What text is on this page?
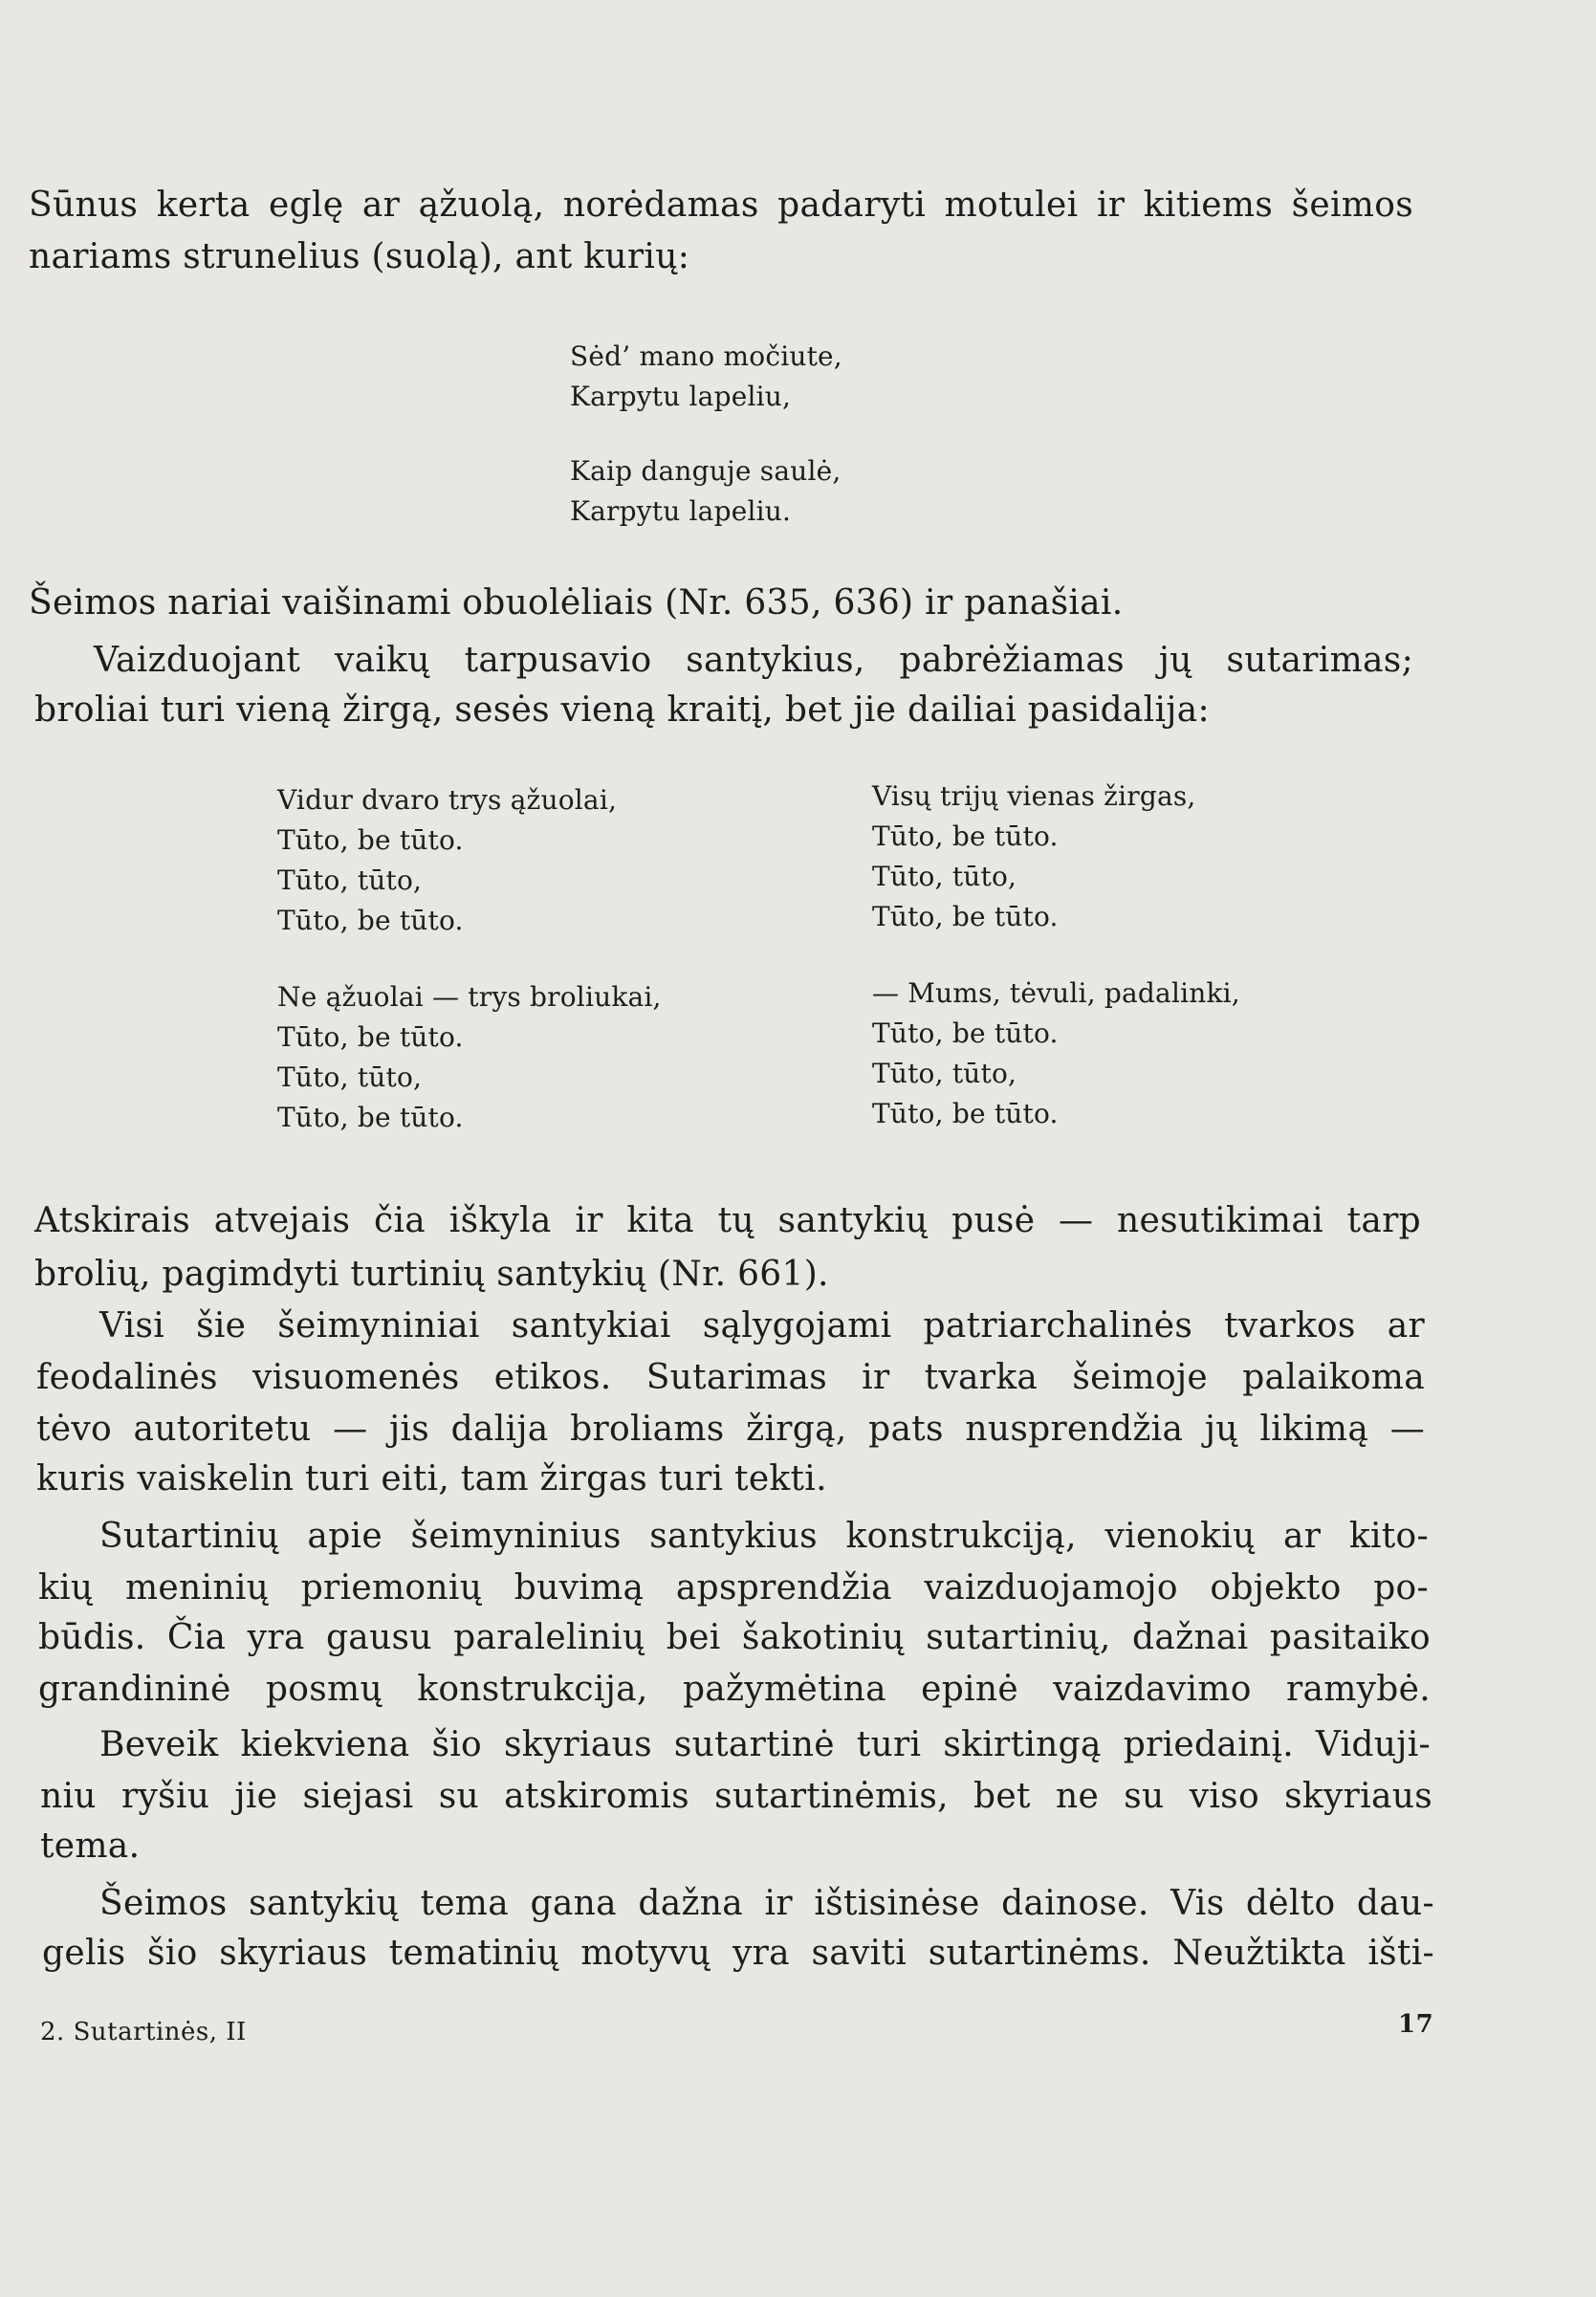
Sūnus kerta eglę ar ąžuolą, norėdamas padaryti motulei ir kitiems šeimos
nariams strunelius (suolą), ant kurių:
Sėd’ mano močiute,
Karpytu lapeliu,
Kaip danguje saulė,
Karpytu lapeliu.
Šeimos nariai vaišinami obuolėliais (Nr. 635, 636) ir panašiai.
Vaizduojant vaikų tarpusavio santykius, pabrėžiamas jų sutarimas;
broliai turi vieną žirgą, sesės vieną kraitį, bet jie dailiai pasidalija:
Vidur dvaro trys ąžuolai,
Tūto, be tūto.
Tūto, tūto,
Tūto, be tūto.
Visų trijų vienas žirgas,
Tūto, be tūto.
Tūto, tūto,
Tūto, be tūto.
Ne ąžuolai — trys broliukai,
Tūto, be tūto.
Tūto, tūto,
Tūto, be tūto.
— Mums, tėvuli, padalinki,
Tūto, be tūto.
Tūto, tūto,
Tūto, be tūto.
Atskirais atvejais čia iškyla ir kita tų santykių pusė — nesutikimai tarp
brolių, pagimdyti turtinių santykių (Nr. 661).
Visi šie šeimyniniai santykiai sąlygojami patriarchalinės tvarkos ar
feodalinės visuomenės etikos. Sutarimas ir tvarka šeimoje palaikoma
tėvo autoritetu — jis dalija broliams žirgą, pats nusprendžia jų likimą —
kuris vaiskelin turi eiti, tam žirgas turi tekti.
Sutartinių apie šeimyninius santykius konstrukciją, vienokių ar kito-
kių meninių priemonių buvimą apsprendžia vaizduojamojo objekto po-
būdis. Čia yra gausu paralelinių bei šakotinių sutartinių, dažnai pasitaiko
grandininė posmų konstrukcija, pažymėtina epinė vaizdavimo ramybė.
Beveik kiekviena šio skyriaus sutartinė turi skirtingą priedainį. Viduji-
niu ryšiu jie siejasi su atskiromis sutartinėmis, bet ne su viso skyriaus
tema.
Šeimos santykių tema gana dažna ir ištisinėse dainose. Vis dėlto dau-
gelis šio skyriaus tematinių motyvų yra saviti sutartinėms. Neužtikta išti-
2. Sutartinės, II	17
